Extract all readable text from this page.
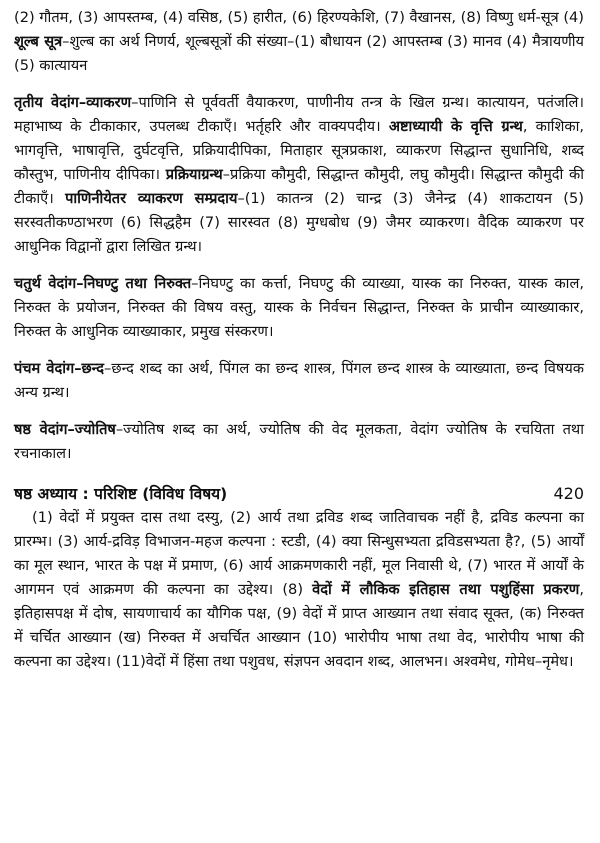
(2) गौतम, (3) आपस्तम्ब, (4) वसिष्ठ, (5) हारीत, (6) हिरण्यकेशि, (7) वैखानस, (8) विष्णु धर्म-सूत्र (4) शूल्ब सूत्र–शुल्ब का अर्थ निणर्य, शूल्बसूत्रों की संख्या–(1) बौधायन (2) आपस्तम्ब (3) मानव (4) मैत्रायणीय (5) कात्यायन

तृतीय वेदांग–व्याकरण–पाणिनि से पूर्ववर्ती वैयाकरण, पाणीनीय तन्त्र के खिल ग्रन्थ। कात्यायन, पतंजलि। महाभाष्य के टीकाकार, उपलब्ध टीकाएँ। भर्तृहरि और वाक्यपदीय। अष्टाध्यायी के वृत्ति ग्रन्थ, काशिका, भागवृत्ति, भाषावृत्ति, दुर्घटवृत्ति, प्रक्रियादीपिका, मिताहार सूत्रप्रकाश, व्याकरण सिद्धान्त सुधानिधि, शब्द कौस्तुभ, पाणिनीय दीपिका। प्रक्रियाग्रन्थ–प्रक्रिया कौमुदी, सिद्धान्त कौमुदी, लघु कौमुदी। सिद्धान्त कौमुदी की टीकाएँ। पाणिनीयेतर व्याकरण सम्प्रदाय–(1) कातन्त्र (2) चान्द्र (3) जैनेन्द्र (4) शाकटायन (5) सरस्वतीकण्ठाभरण (6) सिद्धहैम (7) सारस्वत (8) मुग्धबोध (9) जैमर व्याकरण। वैदिक व्याकरण पर आधुनिक विद्वानों द्वारा लिखित ग्रन्थ।

चतुर्थ वेदांग–निघण्टु तथा निरुक्त–निघण्टु का कर्त्ता, निघण्टु की व्याख्या, यास्क का निरुक्त, यास्क काल, निरुक्त के प्रयोजन, निरुक्त की विषय वस्तु, यास्क के निर्वचन सिद्धान्त, निरुक्त के प्राचीन व्याख्याकार, निरुक्त के आधुनिक व्याख्याकार, प्रमुख संस्करण।

पंचम वेदांग–छन्द–छन्द शब्द का अर्थ, पिंगल का छन्द शास्त्र, पिंगल छन्द शास्त्र के व्याख्याता, छन्द विषयक अन्य ग्रन्थ।

षष्ठ वेदांग–ज्योतिष–ज्योतिष शब्द का अर्थ, ज्योतिष की वेद मूलकता, वेदांग ज्योतिष के रचयिता तथा रचनाकाल।

षष्ठ अध्याय : परिशिष्ट (विविध विषय)	420

(1) वेदों में प्रयुक्त दास तथा दस्यु, (2) आर्य तथा द्रविड शब्द जातिवाचक नहीं है, द्रविड कल्पना का प्रारम्भ। (3) आर्य-द्रविड़ विभाजन-महज कल्पना : स्टडी, (4) क्या सिन्धुसभ्यता द्रविडसभ्यता है?, (5) आर्यों का मूल स्थान, भारत के पक्ष में प्रमाण, (6) आर्य आक्रमणकारी नहीं, मूल निवासी थे, (7) भारत में आर्यों के आगमन एवं आक्रमण की कल्पना का उद्देश्य। (8) वेदों में लौकिक इतिहास तथा पशुहिंसा प्रकरण, इतिहासपक्ष में दोष, सायणाचार्य का यौगिक पक्ष, (9) वेदों में प्राप्त आख्यान तथा संवाद सूक्त, (क) निरुक्त में चर्चित आख्यान (ख) निरुक्त में अचर्चित आख्यान (10) भारोपीय भाषा तथा वेद, भारोपीय भाषा की कल्पना का उद्देश्य। (11)वेदों में हिंसा तथा पशुवध, संज्ञपन अवदान शब्द, आलभन। अश्वमेध, गोमेध–नृमेध।
